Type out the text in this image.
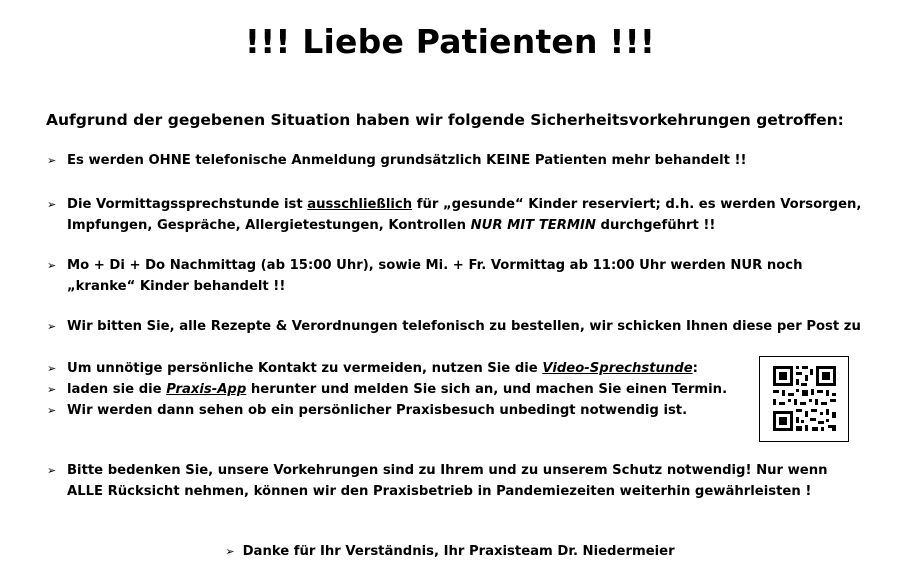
!!! Liebe Patienten !!!
Aufgrund der gegebenen Situation haben wir folgende Sicherheitsvorkehrungen getroffen:
➢ Es werden OHNE telefonische Anmeldung grundsätzlich KEINE Patienten mehr behandelt !!
➢ Die Vormittagssprechstunde ist ausschließlich für „gesunde“ Kinder reserviert; d.h. es werden Vorsorgen,
Impfungen, Gespräche, Allergietestungen, Kontrollen NUR MIT TERMIN durchgeführt !!
➢ Mo + Di + Do Nachmittag (ab 15:00 Uhr), sowie Mi. + Fr. Vormittag ab 11:00 Uhr werden NUR noch
„kranke“ Kinder behandelt !!
➢ Wir bitten Sie, alle Rezepte & Verordnungen telefonisch zu bestellen, wir schicken Ihnen diese per Post zu
➢ Um unnötige persönliche Kontakt zu vermeiden, nutzen Sie die Video-Sprechstunde:
➢ laden sie die Praxis-App herunter und melden Sie sich an, und machen Sie einen Termin.
➢ Wir werden dann sehen ob ein persönlicher Praxisbesuch unbedingt notwendig ist.
➢ Bitte bedenken Sie, unsere Vorkehrungen sind zu Ihrem und zu unserem Schutz notwendig! Nur wenn
ALLE Rücksicht nehmen, können wir den Praxisbetrieb in Pandemiezeiten weiterhin gewährleisten !
➢ Danke für Ihr Verständnis, Ihr Praxisteam Dr. Niedermeier
